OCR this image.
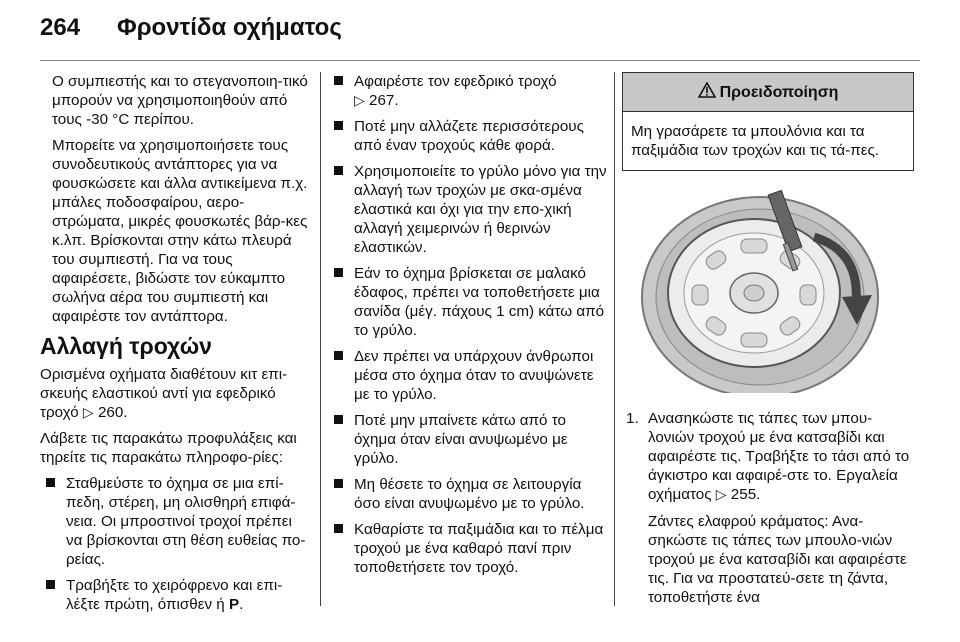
264 Φροντίδα οχήματος

Ο συμπιεστής και το στεγανοποιη-τικό μπορούν να χρησιμοποιηθούν από τους -30 °C περίπου.

Μπορείτε να χρησιμοποιήσετε τους συνοδευτικούς αντάπτορες για να φουσκώσετε και άλλα αντικείμενα π.χ. μπάλες ποδοσφαίρου, αερο-στρώματα, μικρές φουσκωτές βάρ-κες κ.λπ. Βρίσκονται στην κάτω πλευρά του συμπιεστή. Για να τους αφαιρέσετε, βιδώστε τον εύκαμπτο σωλήνα αέρα του συμπιεστή και αφαιρέστε τον αντάπτορα.

Αλλαγή τροχών

Ορισμένα οχήματα διαθέτουν κιτ επι-σκευής ελαστικού αντί για εφεδρικό τροχό ▷ 260.

Λάβετε τις παρακάτω προφυλάξεις και τηρείτε τις παρακάτω πληροφο-ρίες:

Σταθμεύστε το όχημα σε μια επί-πεδη, στέρεη, μη ολισθηρή επιφά-νεια. Οι μπροστινοί τροχοί πρέπει να βρίσκονται στη θέση ευθείας πο-ρείας.
Τραβήξτε το χειρόφρενο και επι-λέξτε πρώτη, όπισθεν ή P.
Αφαιρέστε τον εφεδρικό τροχό
▷ 267.
Ποτέ μην αλλάζετε περισσότερους από έναν τροχούς κάθε φορά.
Χρησιμοποιείτε το γρύλο μόνο για την αλλαγή των τροχών με σκα-σμένα ελαστικά και όχι για την επο-χική αλλαγή χειμερινών ή θερινών ελαστικών.
Εάν το όχημα βρίσκεται σε μαλακό έδαφος, πρέπει να τοποθετήσετε μια σανίδα (μέγ. πάχους 1 cm) κάτω από το γρύλο.
Δεν πρέπει να υπάρχουν άνθρωποι μέσα στο όχημα όταν το ανυψώνετε με το γρύλο.
Ποτέ μην μπαίνετε κάτω από το όχημα όταν είναι ανυψωμένο με γρύλο.
Μη θέσετε το όχημα σε λειτουργία όσο είναι ανυψωμένο με το γρύλο.
Καθαρίστε τα παξιμάδια και το πέλμα τροχού με ένα καθαρό πανί πριν τοποθετήσετε τον τροχό.
Προειδοποίηση
Μη γρασάρετε τα μπουλόνια και τα παξιμάδια των τροχών και τις τά-πες.
1. Ανασηκώστε τις τάπες των μπου-λονιών τροχού με ένα κατσαβίδι και αφαιρέστε τις. Τραβήξτε το τάσι από το άγκιστρο και αφαιρέ-στε το. Εργαλεία οχήματος ▷ 255.

Ζάντες ελαφρού κράματος: Ανα-σηκώστε τις τάπες των μπουλο-νιών τροχού με ένα κατσαβίδι και αφαιρέστε τις. Για να προστατεύ-σετε τη ζάντα, τοποθετήστε ένα
